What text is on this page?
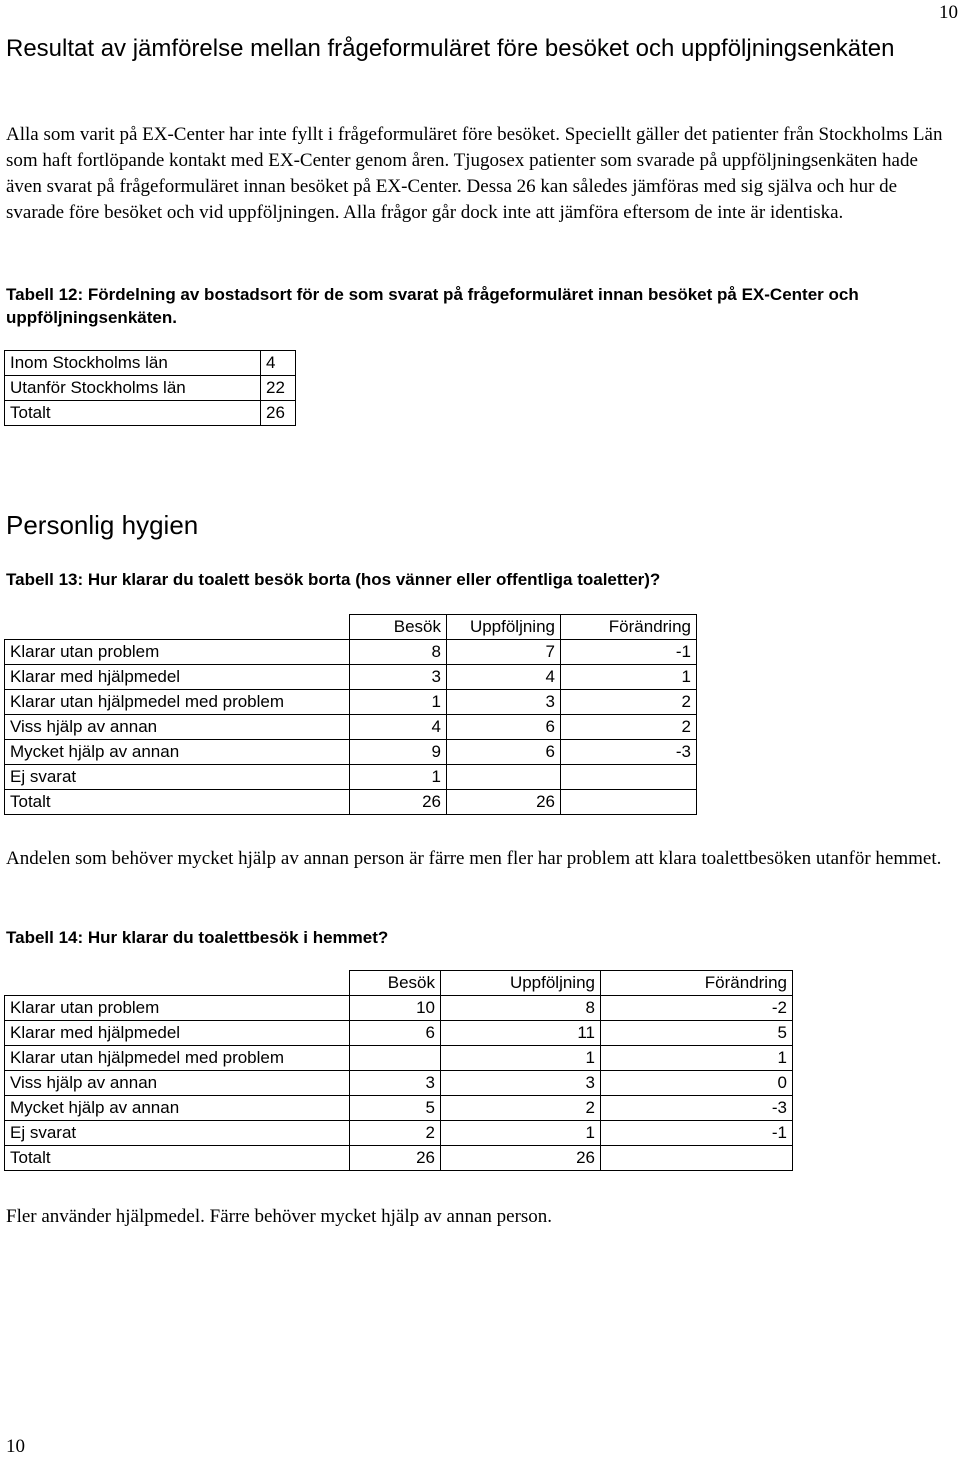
10
Resultat av jämförelse mellan frågeformuläret före besöket och uppföljningsenkäten

Alla som varit på EX-Center har inte fyllt i frågeformuläret före besöket. Speciellt gäller det patienter från Stockholms Län som haft fortlöpande kontakt med EX-Center genom åren. Tjugosex patienter som svarade på uppföljningsenkäten hade även svarat på frågeformuläret innan besöket på EX-Center. Dessa 26 kan således jämföras med sig själva och hur de svarade före besöket och vid uppföljningen. Alla frågor går dock inte att jämföra eftersom de inte är identiska.

Tabell 12: Fördelning av bostadsort för de som svarat på frågeformuläret innan besöket på EX-Center och uppföljningsenkäten.

Inom Stockholms län	4
Utanför Stockholms län	22
Totalt	26
Personlig hygien

Tabell 13: Hur klarar du toalett besök borta (hos vänner eller offentliga toaletter)?

	Besök	Uppföljning	Förändring
Klarar utan problem	8	7	-1
Klarar med hjälpmedel	3	4	1
Klarar utan hjälpmedel med problem	1	3	2
Viss hjälp av annan	4	6	2
Mycket hjälp av annan	9	6	-3
Ej svarat	1		
Totalt	26	26	

Andelen som behöver mycket hjälp av annan person är färre men fler har problem att klara toalettbesöken utanför hemmet.

Tabell 14: Hur klarar du toalettbesök i hemmet?

	Besök	Uppföljning	Förändring
Klarar utan problem	10	8	-2
Klarar med hjälpmedel	6	11	5
Klarar utan hjälpmedel med problem		1	1
Viss hjälp av annan	3	3	0
Mycket hjälp av annan	5	2	-3
Ej svarat	2	1	-1
Totalt	26	26	

Fler använder hjälpmedel. Färre behöver mycket hjälp av annan person.

10
